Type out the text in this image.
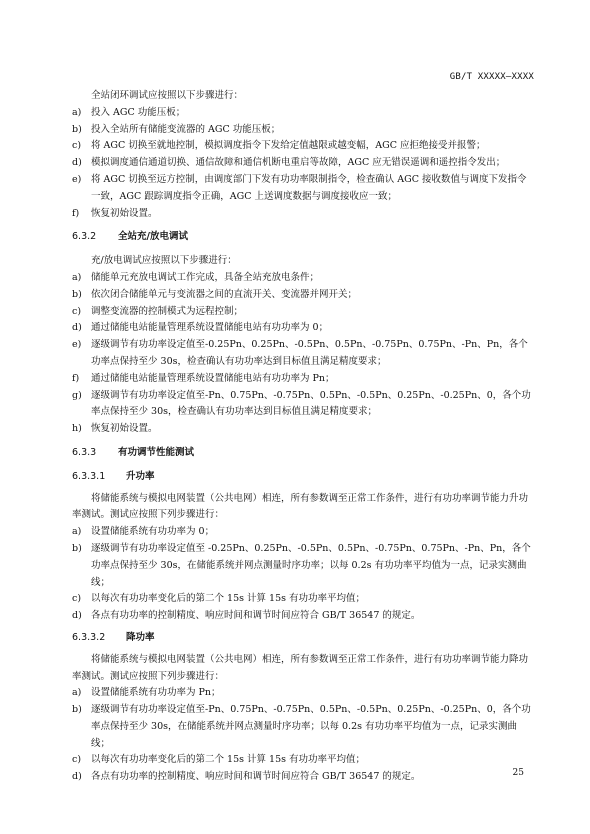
GB/T XXXXX—XXXX

全站闭环调试应按照以下步骤进行：

a) 投入 AGC 功能压板；
b) 投入全站所有储能变流器的 AGC 功能压板；
c) 将 AGC 切换至就地控制，模拟调度指令下发给定值越限或越变幅，AGC 应拒绝接受并报警；
d) 模拟调度通信通道切换、通信故障和通信机断电重启等故障，AGC 应无错误遥调和遥控指令发出；
e) 将 AGC 切换至远方控制，由调度部门下发有功功率限制指令，检查确认 AGC 接收数值与调度下发指令一致，AGC 跟踪调度指令正确，AGC 上送调度数据与调度接收应一致；
f) 恢复初始设置。
6.3.2 全站充/放电调试

充/放电调试应按照以下步骤进行：

a) 储能单元充放电调试工作完成，具备全站充放电条件；
b) 依次闭合储能单元与变流器之间的直流开关、变流器并网开关；
c) 调整变流器的控制模式为远程控制；
d) 通过储能电站能量管理系统设置储能电站有功功率为 0；
e) 逐级调节有功功率设定值至-0.25Pn、0.25Pn、-0.5Pn、0.5Pn、-0.75Pn、0.75Pn、-Pn、Pn，各个功率点保持至少 30s，检查确认有功功率达到目标值且满足精度要求；
f) 通过储能电站能量管理系统设置储能电站有功功率为 Pn；
g) 逐级调节有功功率设定值至-Pn、0.75Pn、-0.75Pn、0.5Pn、-0.5Pn、0.25Pn、-0.25Pn、0，各个功率点保持至少 30s，检查确认有功功率达到目标值且满足精度要求；
h) 恢复初始设置。
6.3.3 有功调节性能测试
6.3.3.1 升功率

将储能系统与模拟电网装置（公共电网）相连，所有参数调至正常工作条件，进行有功功率调节能力升功率测试。测试应按照下列步骤进行：

a) 设置储能系统有功功率为 0；
b) 逐级调节有功功率设定值至 -0.25Pn、0.25Pn、-0.5Pn、0.5Pn、-0.75Pn、0.75Pn、-Pn、Pn，各个功率点保持至少 30s，在储能系统并网点测量时序功率；以每 0.2s 有功功率平均值为一点，记录实测曲线；
c) 以每次有功功率变化后的第二个 15s 计算 15s 有功功率平均值；
d) 各点有功功率的控制精度、响应时间和调节时间应符合 GB/T 36547 的规定。
6.3.3.2 降功率

将储能系统与模拟电网装置（公共电网）相连，所有参数调至正常工作条件，进行有功功率调节能力降功率测试。测试应按照下列步骤进行：

a) 设置储能系统有功功率为 Pn；
b) 逐级调节有功功率设定值至-Pn、0.75Pn、-0.75Pn、0.5Pn、-0.5Pn、0.25Pn、-0.25Pn、0，各个功率点保持至少 30s，在储能系统并网点测量时序功率；以每 0.2s 有功功率平均值为一点，记录实测曲线；
c) 以每次有功功率变化后的第二个 15s 计算 15s 有功功率平均值；
d) 各点有功功率的控制精度、响应时间和调节时间应符合 GB/T 36547 的规定。	25
